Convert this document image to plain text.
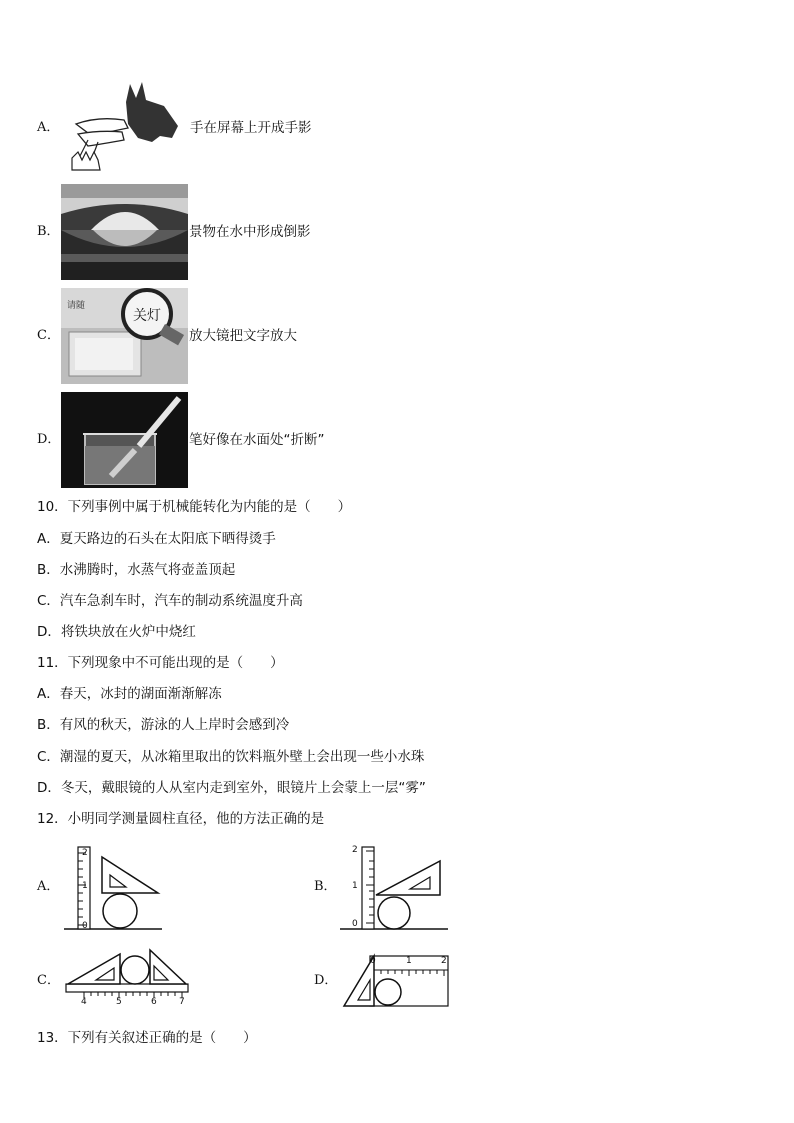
A．	手在屏幕上开成手影
B．	景物在水中形成倒影
C．
请随
关灯
放大镜把文字放大
D．	笔好像在水面处“折断”
10．下列事例中属于机械能转化为内能的是（　　）
A．夏天路边的石头在太阳底下晒得烫手
B．水沸腾时，水蒸气将壶盖顶起
C．汽车急刹车时，汽车的制动系统温度升高
D．将铁块放在火炉中烧红
11．下列现象中不可能出现的是（　　）
A．春天，冰封的湖面渐渐解冻
B．有风的秋天，游泳的人上岸时会感到冷
C．潮湿的夏天，从冰箱里取出的饮料瓶外壁上会出现一些小水珠
D．冬天，戴眼镜的人从室内走到室外，眼镜片上会蒙上一层“雾”
12．小明同学测量圆柱直径，他的方法正确的是
A．
0
1
2
B．
0
1
2
C．
4	5	6 7
D．
0	1	2
13．下列有关叙述正确的是（　　）
